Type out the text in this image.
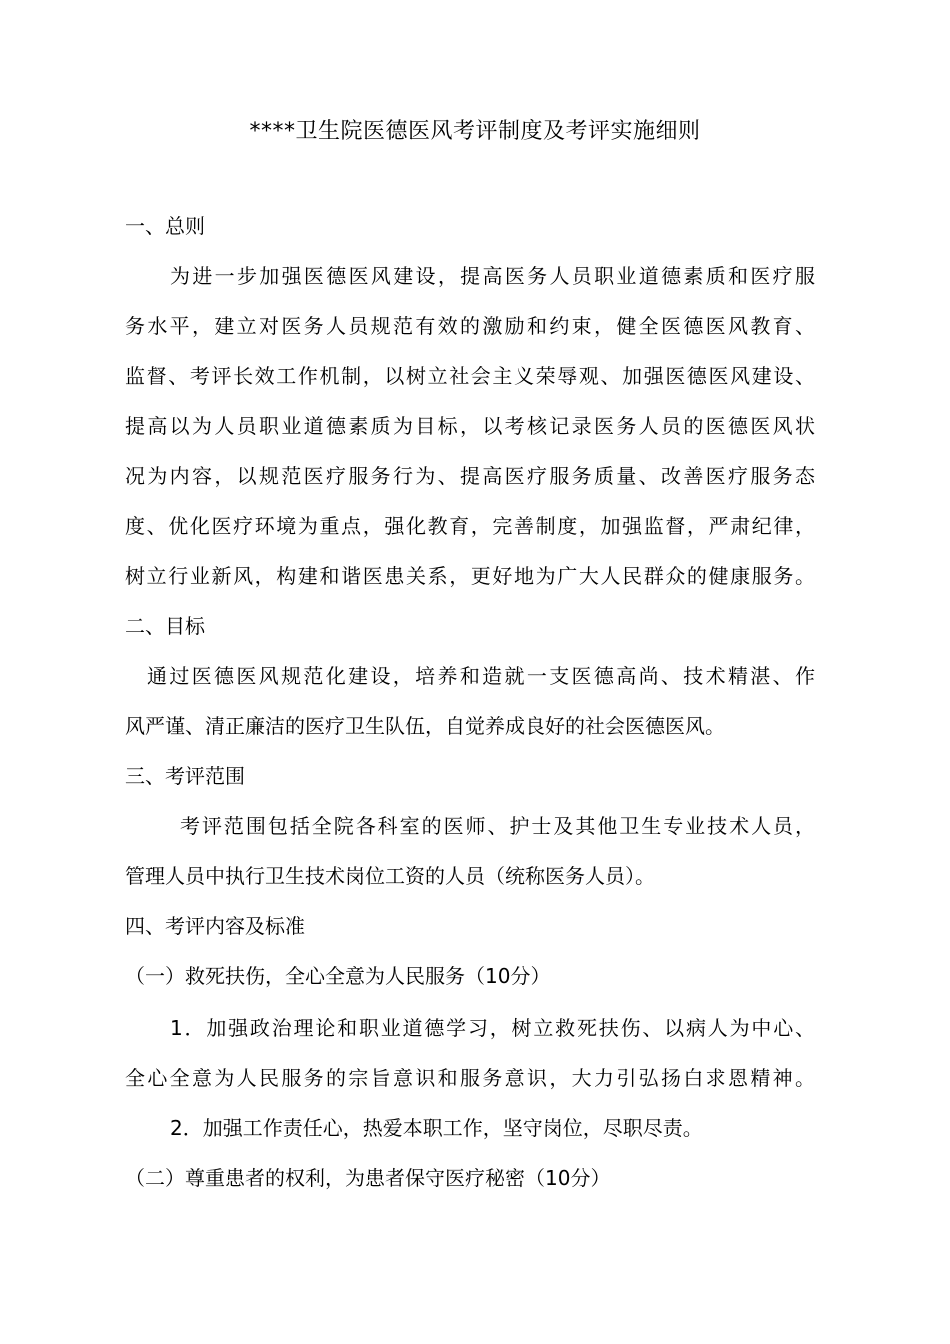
****卫生院医德医风考评制度及考评实施细则
一、总则
为进一步加强医德医风建设，提高医务人员职业道德素质和医疗服
务水平，建立对医务人员规范有效的激励和约束，健全医德医风教育、
监督、考评长效工作机制，以树立社会主义荣辱观、加强医德医风建设、
提高以为人员职业道德素质为目标，以考核记录医务人员的医德医风状
况为内容，以规范医疗服务行为、提高医疗服务质量、改善医疗服务态
度、优化医疗环境为重点，强化教育，完善制度，加强监督，严肃纪律，
树立行业新风，构建和谐医患关系，更好地为广大人民群众的健康服务。
二、目标
通过医德医风规范化建设，培养和造就一支医德高尚、技术精湛、作
风严谨、清正廉洁的医疗卫生队伍，自觉养成良好的社会医德医风。
三、考评范围
考评范围包括全院各科室的医师、护士及其他卫生专业技术人员，
管理人员中执行卫生技术岗位工资的人员（统称医务人员）。
四、考评内容及标准
（一）救死扶伤，全心全意为人民服务（10分）
1．加强政治理论和职业道德学习，树立救死扶伤、以病人为中心、
全心全意为人民服务的宗旨意识和服务意识，大力引弘扬白求恩精神。
2．加强工作责任心，热爱本职工作，坚守岗位，尽职尽责。
（二）尊重患者的权利，为患者保守医疗秘密（10分）
